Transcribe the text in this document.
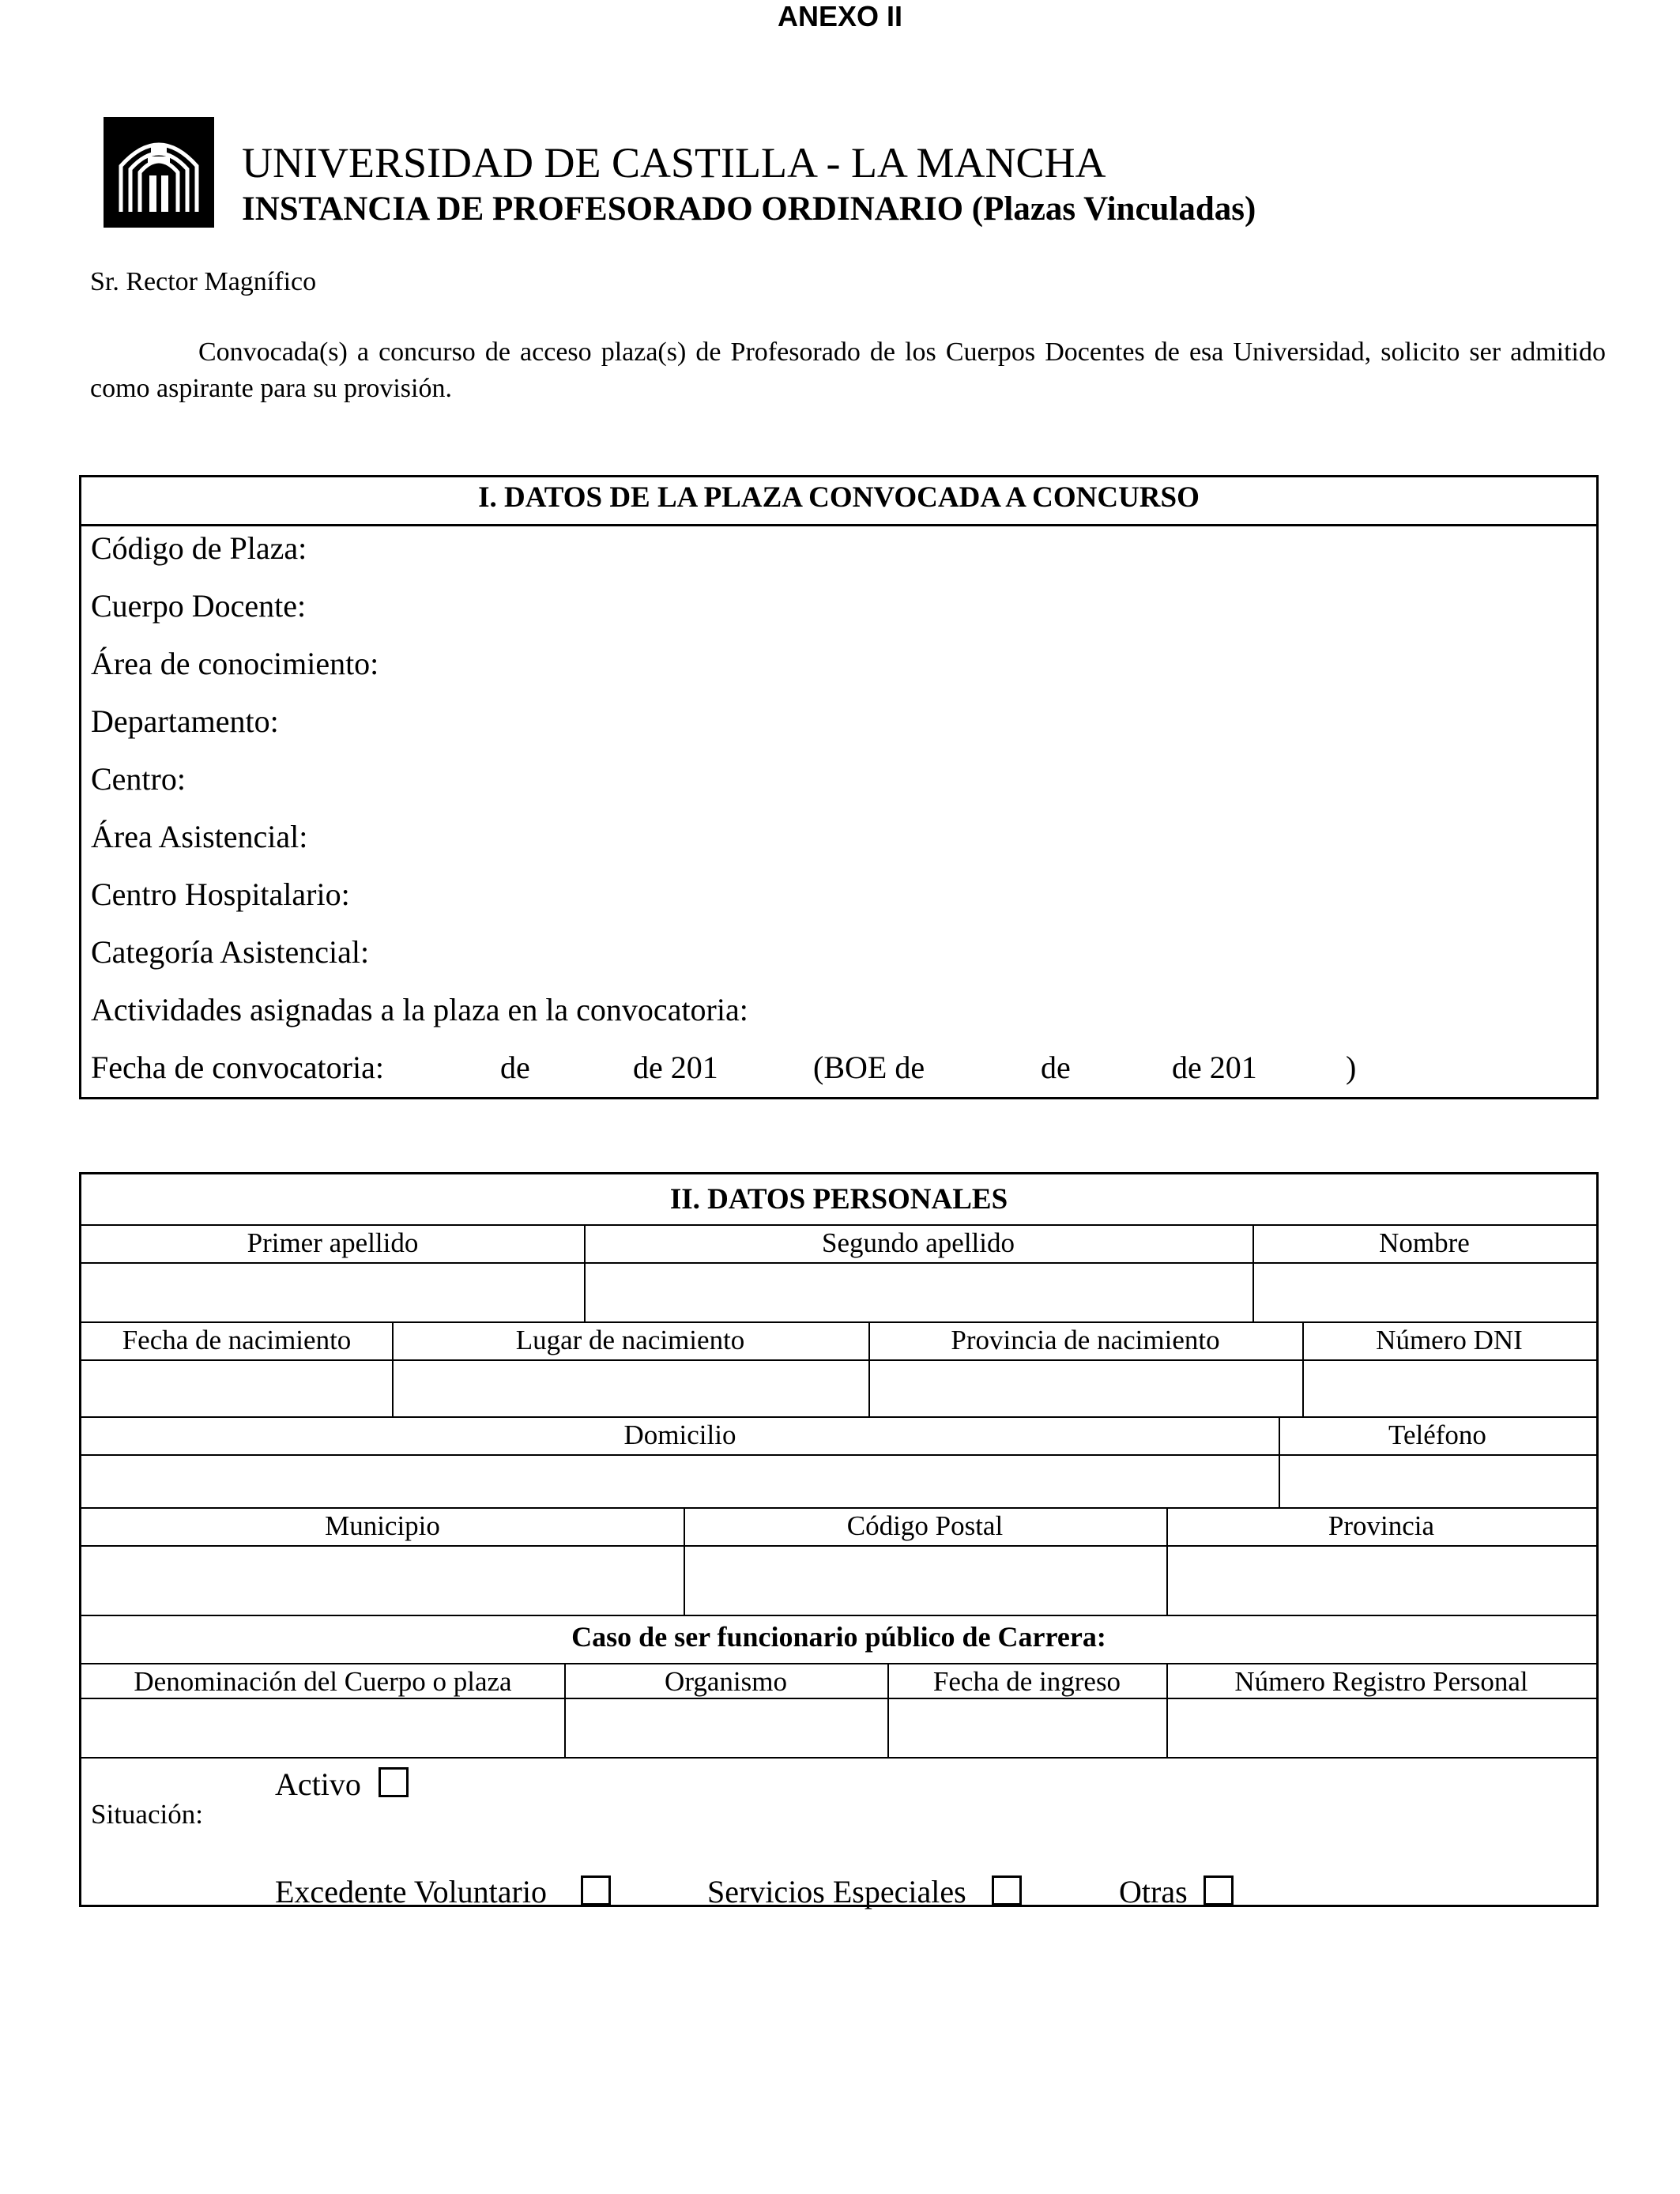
ANEXO II
UNIVERSIDAD DE CASTILLA - LA MANCHA
INSTANCIA DE PROFESORADO ORDINARIO (Plazas Vinculadas)
Sr. Rector Magnífico
Convocada(s) a concurso de acceso plaza(s) de Profesorado de los Cuerpos Docentes de esa Universidad, solicito ser admitido como aspirante para su provisión.
I. DATOS DE LA PLAZA CONVOCADA A CONCURSO
Código de Plaza:
Cuerpo Docente:
Área de conocimiento:
Departamento:
Centro:
Área Asistencial:
Centro Hospitalario:
Categoría Asistencial:
Actividades asignadas a la plaza en la convocatoria:
Fecha de convocatoria:	de	de 201	(BOE de	de	de 201	)
II. DATOS PERSONALES
Primer apellido	Segundo apellido	Nombre
Fecha de nacimiento	Lugar de nacimiento	Provincia de nacimiento	Número DNI
Domicilio	Teléfono
Municipio	Código Postal	Provincia
Caso de ser funcionario público de Carrera:
Denominación del Cuerpo o plaza	Organismo	Fecha de ingreso	Número Registro Personal
Situación:
Activo
Excedente Voluntario	Servicios Especiales	Otras
